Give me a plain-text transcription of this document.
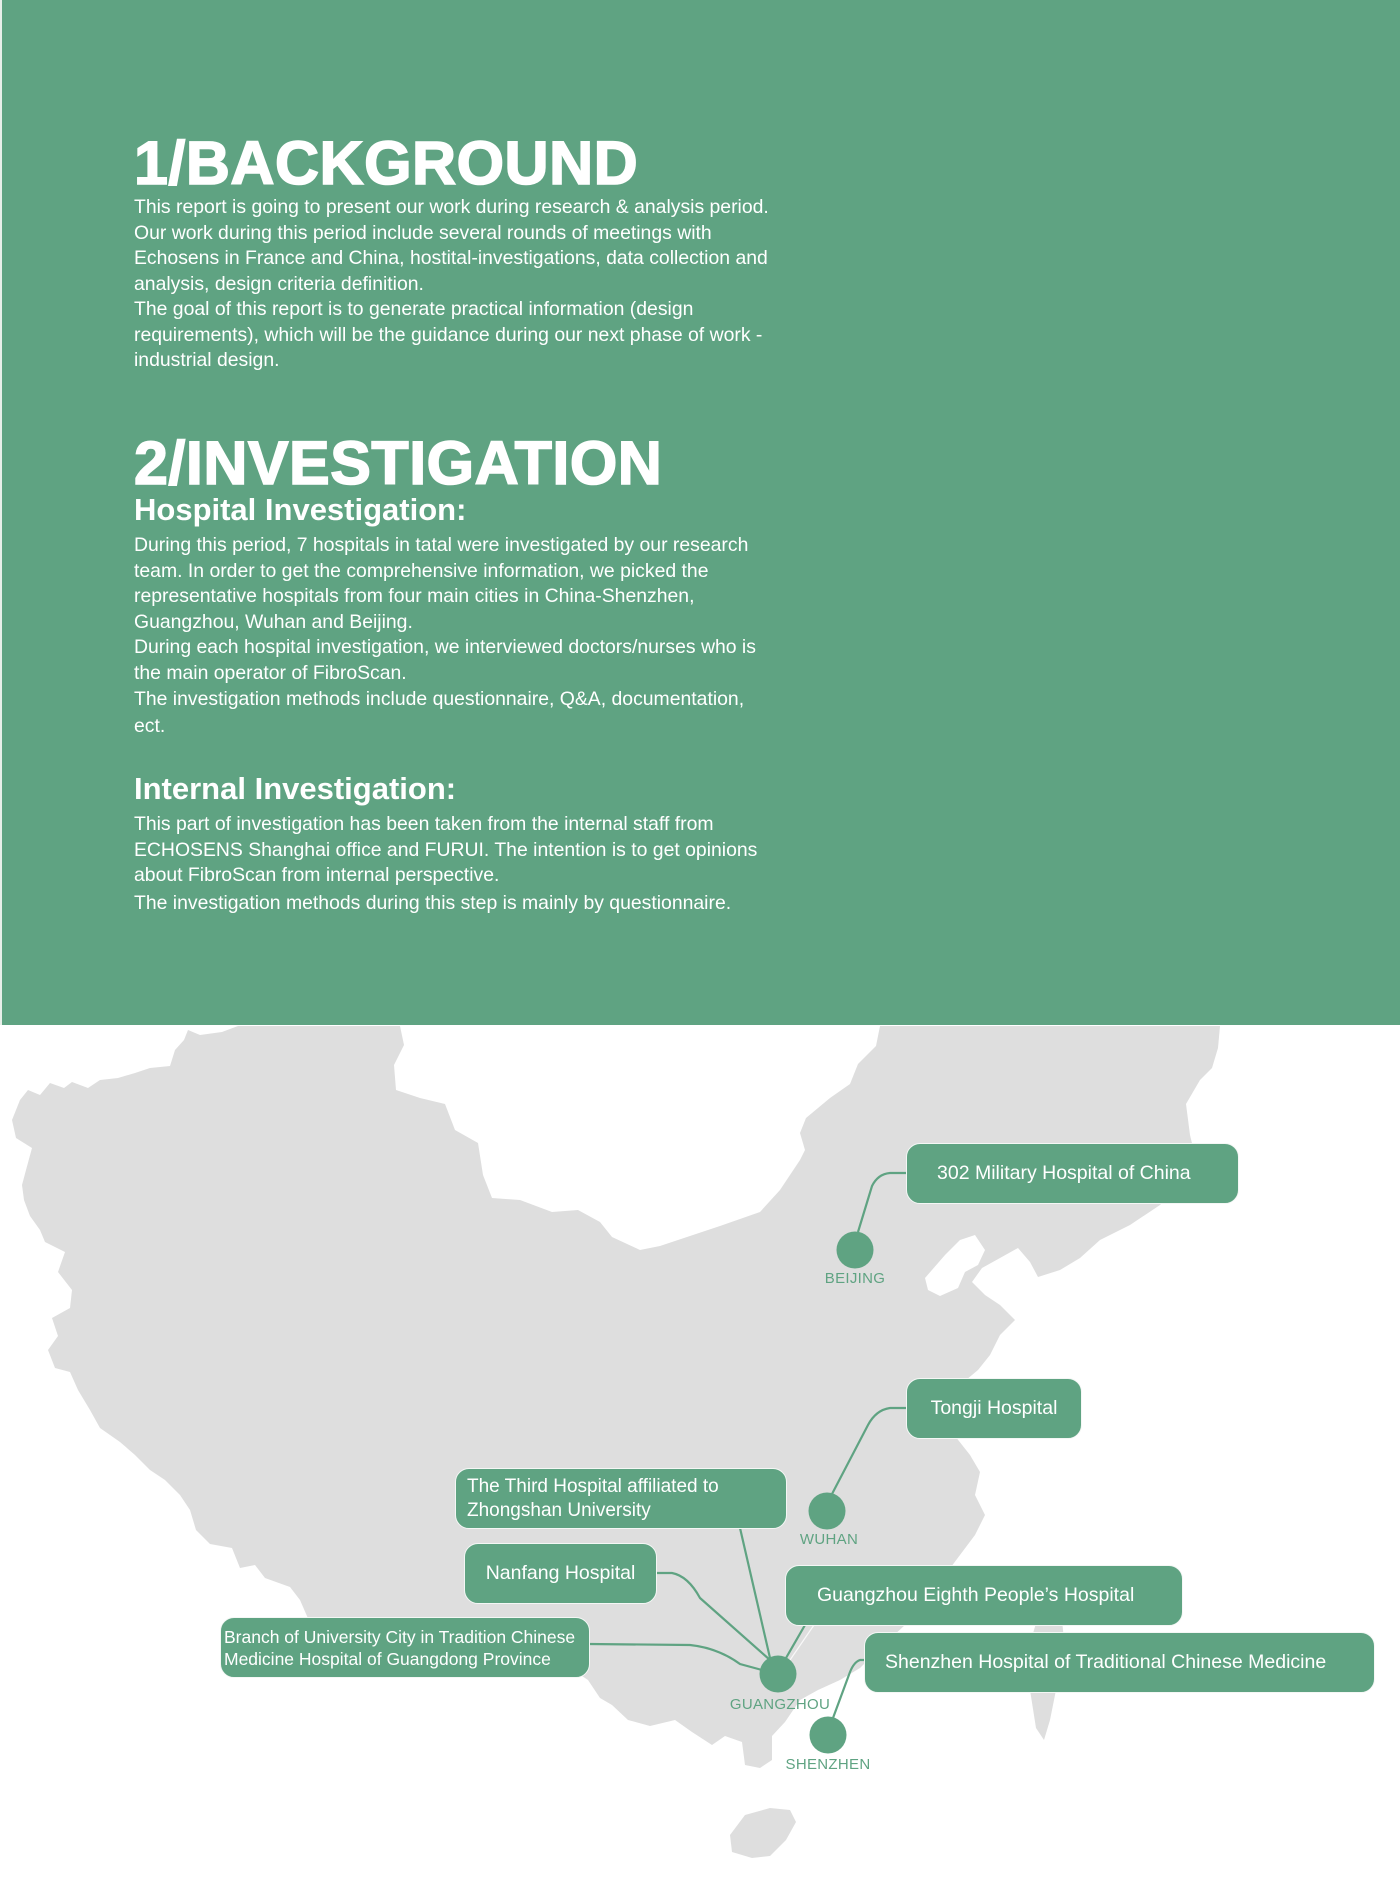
1/BACKGROUND

This report is going to present our work during research & analysis period.
Our work during this period include several rounds of meetings with
Echosens in France and China, hostital-investigations, data collection and
analysis, design criteria definition.

The goal of this report is to generate practical information (design
requirements), which will be the guidance during our next phase of work -
industrial design.

2/INVESTIGATION
Hospital Investigation:

During this period, 7 hospitals in tatal were investigated by our research
team. In order to get the comprehensive information, we picked the
representative hospitals from four main cities in China-Shenzhen,
Guangzhou, Wuhan and Beijing.

During each hospital investigation, we interviewed doctors/nurses who is
the main operator of FibroScan.

The investigation methods include questionnaire, Q&A, documentation,
ect.

Internal Investigation:

This part of investigation has been taken from the internal staff from
ECHOSENS Shanghai office and FURUI. The intention is to get opinions
about FibroScan from internal perspective.

The investigation methods during this step is mainly by questionnaire.

BEIJING
WUHAN
GUANGZHOU
SHENZHEN
302 Military Hospital of China
Tongji Hospital
The Third Hospital affiliated to
Zhongshan University
Nanfang Hospital
Guangzhou Eighth People’s Hospital
Branch of University City in Tradition Chinese
Medicine Hospital of Guangdong Province	Shenzhen Hospital of Traditional Chinese Medicine
